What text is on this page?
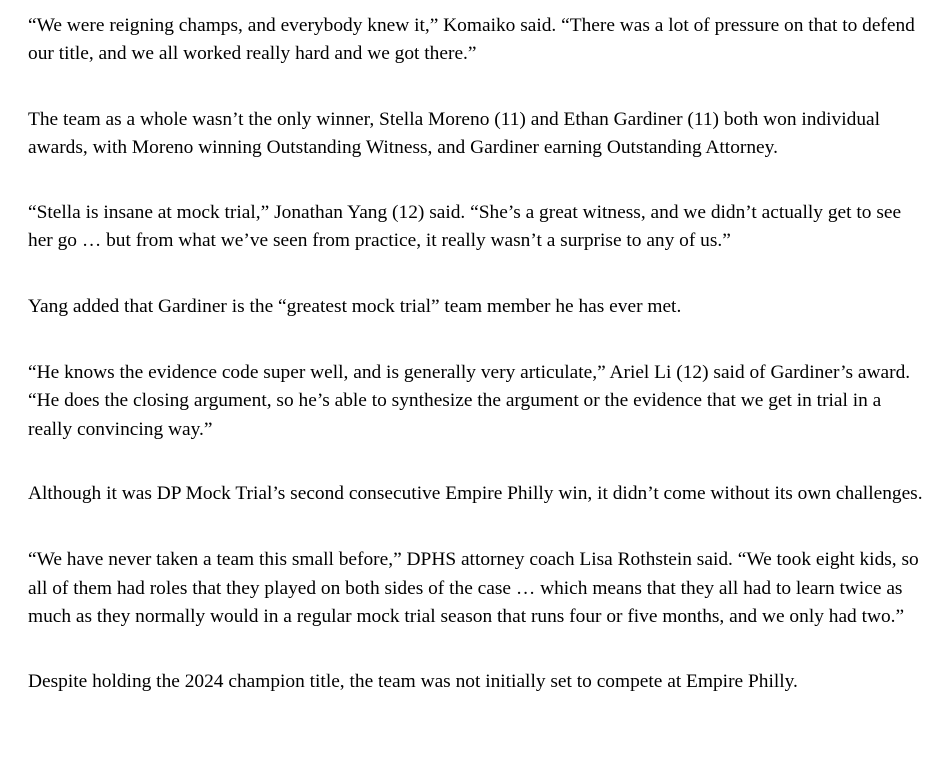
“We were reigning champs, and everybody knew it,” Komaiko said. “There was a lot of pressure on that to defend our title, and we all worked really hard and we got there.”

The team as a whole wasn’t the only winner, Stella Moreno (11) and Ethan Gardiner (11) both won individual awards, with Moreno winning Outstanding Witness, and Gardiner earning Outstanding Attorney.

“Stella is insane at mock trial,” Jonathan Yang (12) said. “She’s a great witness, and we didn’t actually get to see her go … but from what we’ve seen from practice, it really wasn’t a surprise to any of us.”

Yang added that Gardiner is the “greatest mock trial” team member he has ever met.

“He knows the evidence code super well, and is generally very articulate,” Ariel Li (12) said of Gardiner’s award. “He does the closing argument, so he’s able to synthesize the argument or the evidence that we get in trial in a really convincing way.”

Although it was DP Mock Trial’s second consecutive Empire Philly win, it didn’t come without its own challenges.

“We have never taken a team this small before,” DPHS attorney coach Lisa Rothstein said. “We took eight kids, so all of them had roles that they played on both sides of the case … which means that they all had to learn twice as much as they normally would in a regular mock trial season that runs four or five months, and we only had two.”

Despite holding the 2024 champion title, the team was not initially set to compete at Empire Philly.
